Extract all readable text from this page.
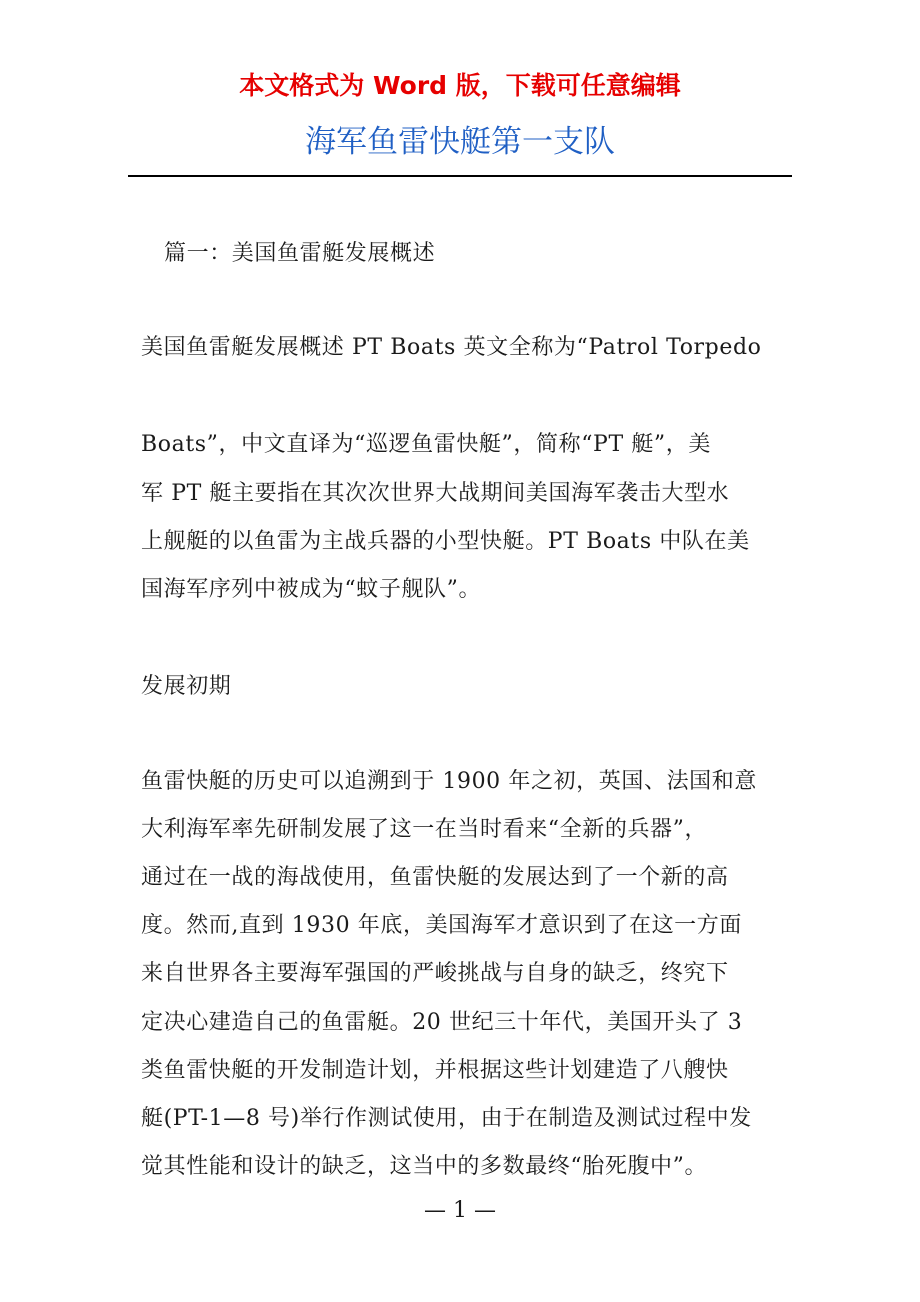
本文格式为 Word 版，下载可任意编辑
海军鱼雷快艇第一支队
篇一：美国鱼雷艇发展概述
美国鱼雷艇发展概述 PT Boats 英文全称为“Patrol Torpedo
Boats”，中文直译为“巡逻鱼雷快艇”，简称“PT 艇”，美
军 PT 艇主要指在其次次世界大战期间美国海军袭击大型水
上舰艇的以鱼雷为主战兵器的小型快艇。PT Boats 中队在美
国海军序列中被成为“蚊子舰队”。
发展初期
鱼雷快艇的历史可以追溯到于 1900 年之初，英国、法国和意
大利海军率先研制发展了这一在当时看来“全新的兵器”，
通过在一战的海战使用，鱼雷快艇的发展达到了一个新的高
度。然而,直到 1930 年底，美国海军才意识到了在这一方面
来自世界各主要海军强国的严峻挑战与自身的缺乏，终究下
定决心建造自己的鱼雷艇。20 世纪三十年代，美国开头了 3
类鱼雷快艇的开发制造计划，并根据这些计划建造了八艘快
艇(PT-1—8 号)举行作测试使用，由于在制造及测试过程中发
觉其性能和设计的缺乏，这当中的多数最终“胎死腹中”。
— 1 —
